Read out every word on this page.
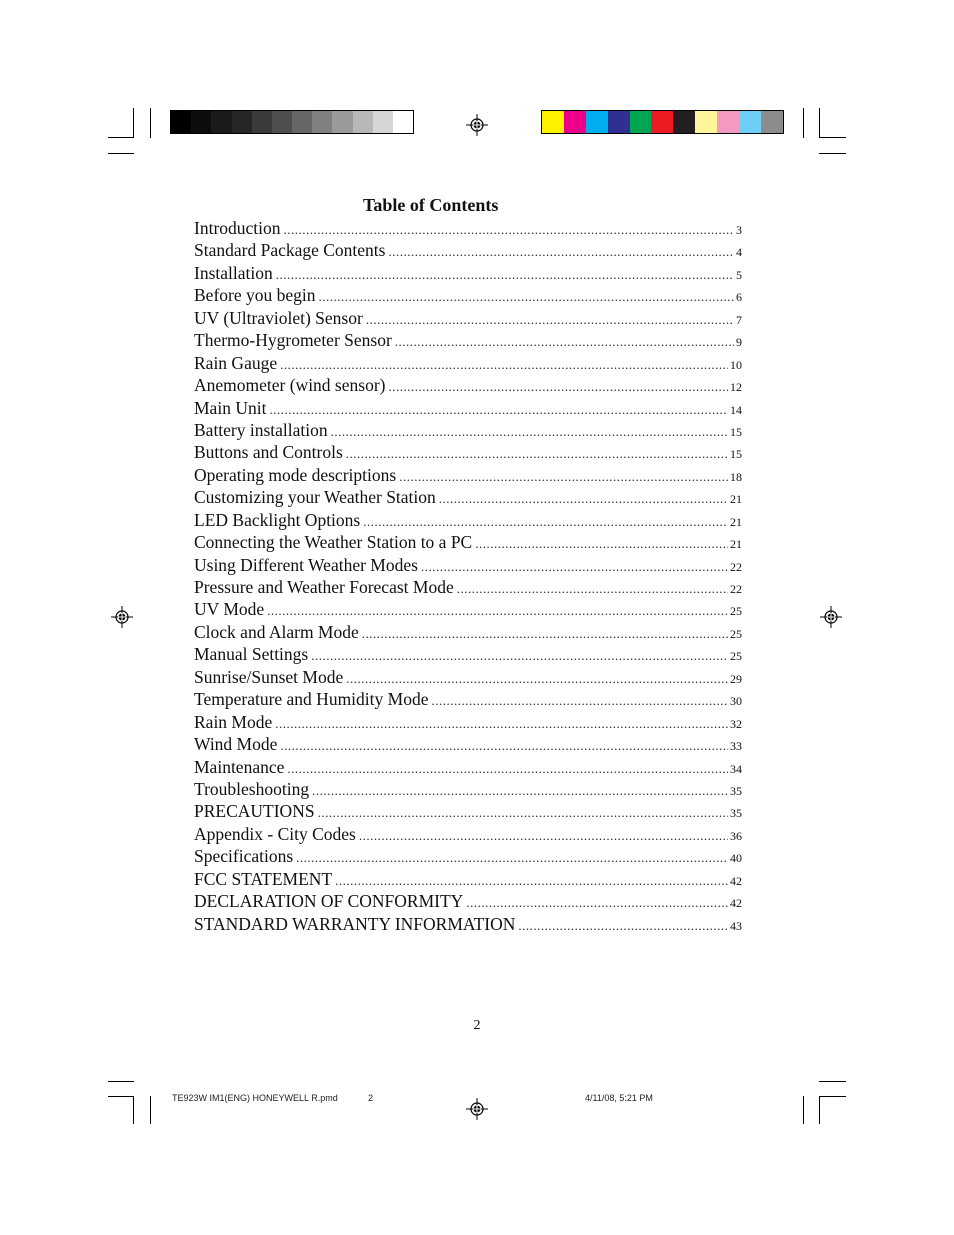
Table of Contents
Introduction .....	3
Standard Package Contents .....	4
Installation .....	5
Before you begin .....	6
UV (Ultraviolet) Sensor .....	7
Thermo-Hygrometer Sensor .....	9
Rain Gauge .....	10
Anemometer (wind sensor) .....	12
Main Unit .....	14
Battery installation .....	15
Buttons and Controls .....	15
Operating mode descriptions .....	18
Customizing your Weather Station .....	21
LED Backlight Options .....	21
Connecting the Weather Station to a PC .....	21
Using Different Weather Modes .....	22
Pressure and Weather Forecast Mode .....	22
UV Mode .....	25
Clock and Alarm Mode .....	25
Manual Settings .....	25
Sunrise/Sunset Mode .....	29
Temperature and Humidity Mode .....	30
Rain Mode .....	32
Wind Mode .....	33
Maintenance .....	34
Troubleshooting .....	35
PRECAUTIONS .....	35
Appendix - City Codes .....	36
Specifications .....	40
FCC STATEMENT .....	42
DECLARATION OF CONFORMITY .....	42
STANDARD WARRANTY INFORMATION .....	43
2
TE923W IM1(ENG) HONEYWELL R.pmd	2	4/11/08, 5:21 PM
